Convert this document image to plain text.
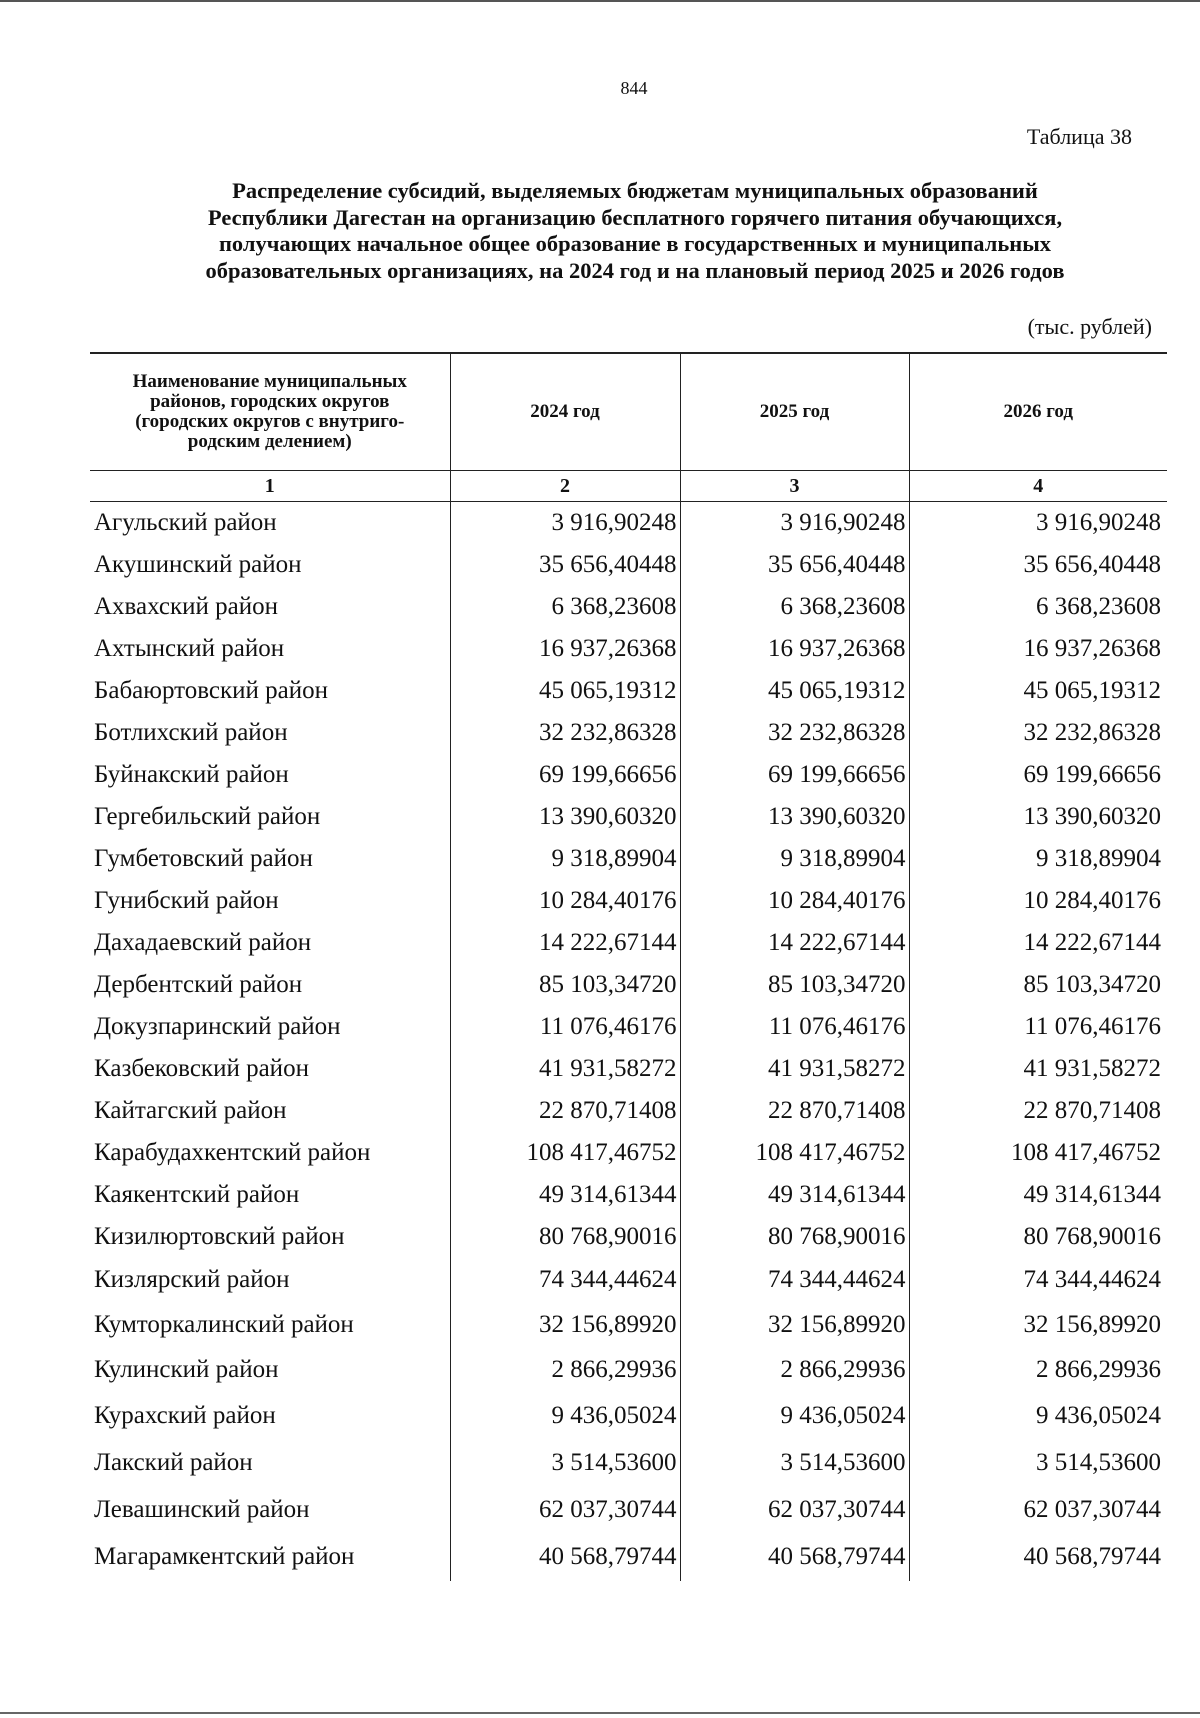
844
Таблица 38
Распределение субсидий, выделяемых бюджетам муниципальных образований
Республики Дагестан на организацию бесплатного горячего питания обучающихся,
получающих начальное общее образование в государственных и муниципальных
образовательных организациях, на 2024 год и на плановый период 2025 и 2026 годов
(тыс. рублей)
Наименование муниципальных
районов, городских округов
(городских округов с внутриго-
родским делением)	2024 год	2025 год	2026 год
1	2	3	4
Агульский район	3 916,90248	3 916,90248	3 916,90248
Акушинский район	35 656,40448	35 656,40448	35 656,40448
Ахвахский район	6 368,23608	6 368,23608	6 368,23608
Ахтынский район	16 937,26368	16 937,26368	16 937,26368
Бабаюртовский район	45 065,19312	45 065,19312	45 065,19312
Ботлихский район	32 232,86328	32 232,86328	32 232,86328
Буйнакский район	69 199,66656	69 199,66656	69 199,66656
Гергебильский район	13 390,60320	13 390,60320	13 390,60320
Гумбетовский район	9 318,89904	9 318,89904	9 318,89904
Гунибский район	10 284,40176	10 284,40176	10 284,40176
Дахадаевский район	14 222,67144	14 222,67144	14 222,67144
Дербентский район	85 103,34720	85 103,34720	85 103,34720
Докузпаринский район	11 076,46176	11 076,46176	11 076,46176
Казбековский район	41 931,58272	41 931,58272	41 931,58272
Кайтагский район	22 870,71408	22 870,71408	22 870,71408
Карабудахкентский район	108 417,46752	108 417,46752	108 417,46752
Каякентский район	49 314,61344	49 314,61344	49 314,61344
Кизилюртовский район	80 768,90016	80 768,90016	80 768,90016
Кизлярский район	74 344,44624	74 344,44624	74 344,44624
Кумторкалинский район	32 156,89920	32 156,89920	32 156,89920
Кулинский район	2 866,29936	2 866,29936	2 866,29936
Курахский район	9 436,05024	9 436,05024	9 436,05024
Лакский район	3 514,53600	3 514,53600	3 514,53600
Левашинский район	62 037,30744	62 037,30744	62 037,30744
Магарамкентский район	40 568,79744	40 568,79744	40 568,79744
